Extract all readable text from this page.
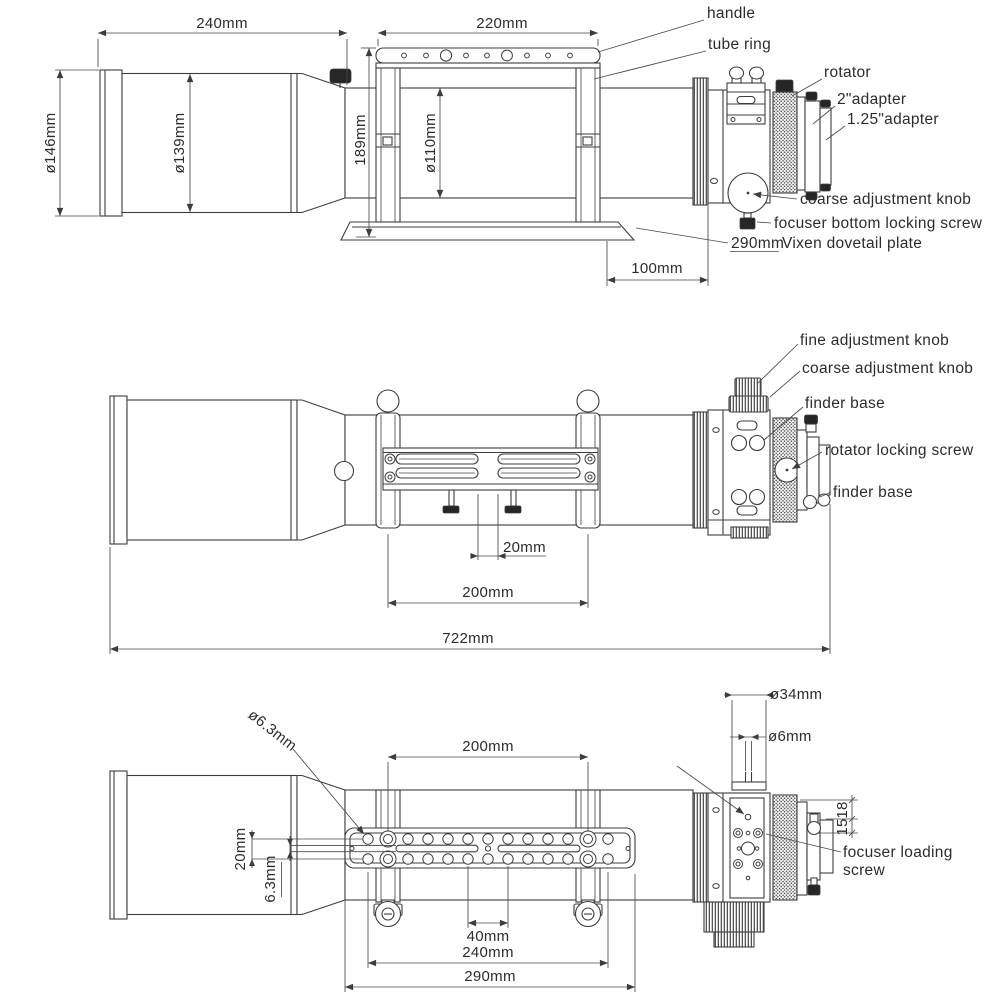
240mm	220mm
ø146mm	ø139mm	189mm	ø110mm
100mm
handle
tube ring
rotator
2"adapter
1.25"adapter
coarse adjustment knob
focuser bottom locking screw
290mm
Vixen dovetail plate
20mm
200mm
722mm
fine adjustment knob
coarse adjustment knob
finder base
rotator locking screw
finder base
ø6.3mm
20mm
6.3mm
200mm
ø34mm
ø6mm
18
15
focuser loading
screw
40mm
240mm
290mm
